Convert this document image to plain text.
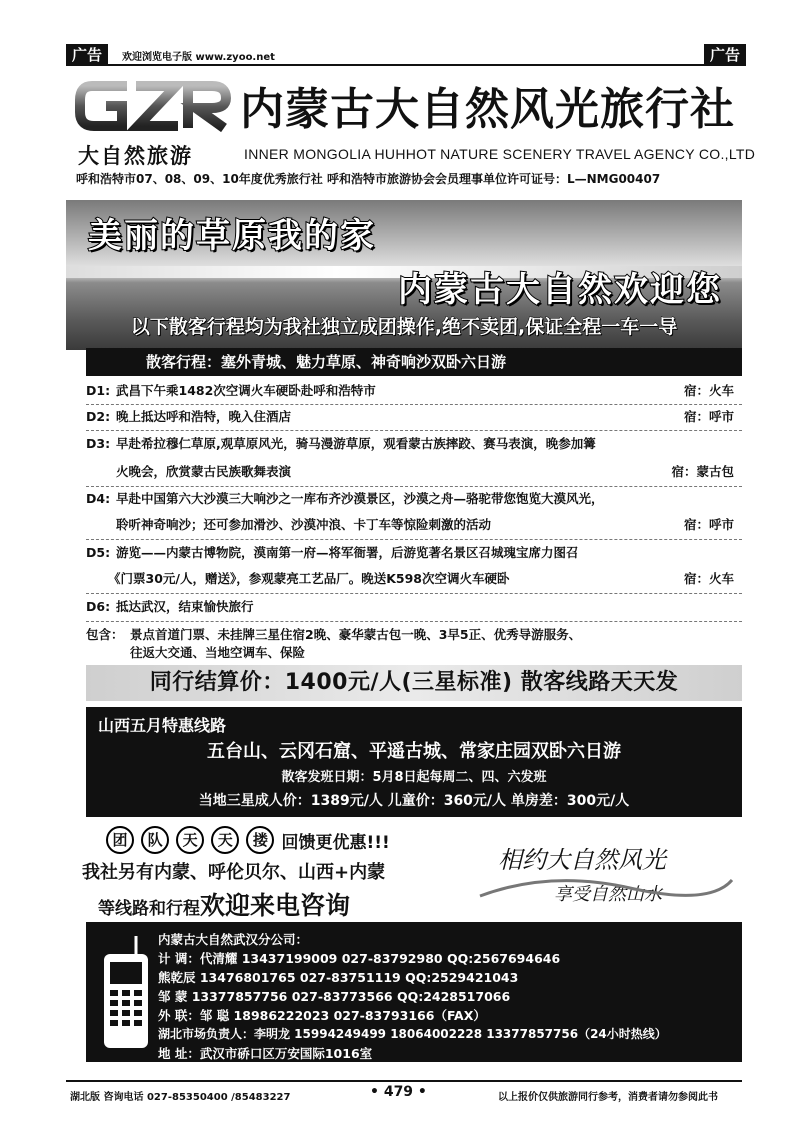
广告	欢迎浏览电子版 www.zyoo.net	广告
大自然旅游
内蒙古大自然风光旅行社
INNER MONGOLIA HUHHOT NATURE SCENERY TRAVEL AGENCY CO.,LTD
呼和浩特市07、08、09、10年度优秀旅行社 呼和浩特市旅游协会会员理事单位许可证号：L—NMG00407
美丽的草原我的家
内蒙古大自然欢迎您
以下散客行程均为我社独立成团操作,绝不卖团,保证全程一车一导
散客行程：塞外青城、魅力草原、神奇响沙双卧六日游
D1: 武昌下午乘1482次空调火车硬卧赴呼和浩特市	宿：火车
D2: 晚上抵达呼和浩特，晚入住酒店	宿：呼市
D3: 早赴希拉穆仁草原,观草原风光，骑马漫游草原，观看蒙古族摔跤、赛马表演，晚参加篝
火晚会，欣赏蒙古民族歌舞表演	宿：蒙古包
D4: 早赴中国第六大沙漠三大响沙之一库布齐沙漠景区，沙漠之舟—骆驼带您饱览大漠风光，
聆听神奇响沙；还可参加滑沙、沙漠冲浪、卡丁车等惊险刺激的活动	宿：呼市
D5: 游览——内蒙古博物院，漠南第一府—将军衙署，后游览著名景区召城瑰宝席力图召
《门票30元/人，赠送》，参观蒙亮工艺品厂。晚送K598次空调火车硬卧	宿：火车
D6: 抵达武汉，结束愉快旅行
包含： 景点首道门票、未挂牌三星住宿2晚、豪华蒙古包一晚、3早5正、优秀导游服务、
往返大交通、当地空调车、保险
同行结算价：1400元/人(三星标准) 散客线路天天发
山西五月特惠线路
五台山、云冈石窟、平遥古城、常家庄园双卧六日游
散客发班日期：5月8日起每周二、四、六发班
当地三星成人价：1389元/人 儿童价：360元/人 单房差：300元/人
团 队 天 天 搂 回馈更优惠!!!
我社另有内蒙、呼伦贝尔、山西+内蒙
等线路和行程欢迎来电咨询
相约大自然风光
享受自然山水
内蒙古大自然武汉分公司：
计 调：代清耀 13437199009 027-83792980 QQ:2567694646
熊乾辰 13476801765 027-83751119 QQ:2529421043
邹 蒙 13377857756 027-83773566 QQ:2428517066
外 联：邹 聪 18986222023 027-83793166（FAX）
湖北市场负责人：李明龙 15994249499 18064002228 13377857756（24小时热线）
地 址：武汉市硚口区万安国际1016室
湖北版 咨询电话 027-85350400 /85483227	• 479 •	以上报价仅供旅游同行参考，消费者请勿参阅此书
